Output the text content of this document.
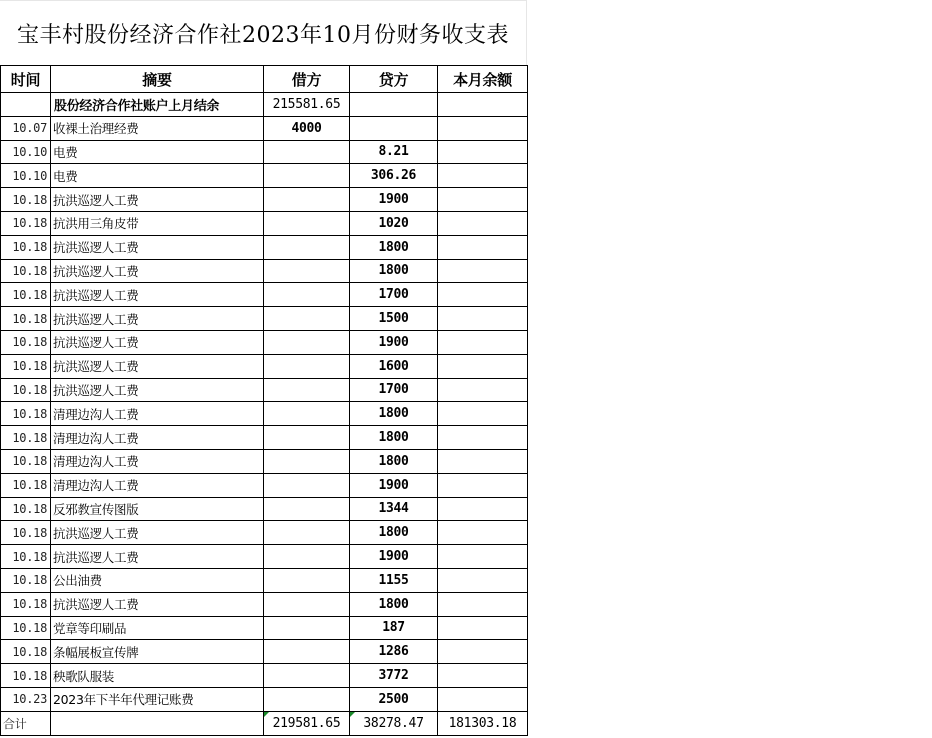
宝丰村股份经济合作社2023年10月份财务收支表
时间	摘要	借方	贷方	本月余额
	股份经济合作社账户上月结余	215581.65		
10.07	收裸土治理经费	4000		
10.10	电费		8.21	
10.10	电费		306.26	
10.18	抗洪巡逻人工费		1900	
10.18	抗洪用三角皮带		1020	
10.18	抗洪巡逻人工费		1800	
10.18	抗洪巡逻人工费		1800	
10.18	抗洪巡逻人工费		1700	
10.18	抗洪巡逻人工费		1500	
10.18	抗洪巡逻人工费		1900	
10.18	抗洪巡逻人工费		1600	
10.18	抗洪巡逻人工费		1700	
10.18	清理边沟人工费		1800	
10.18	清理边沟人工费		1800	
10.18	清理边沟人工费		1800	
10.18	清理边沟人工费		1900	
10.18	反邪教宣传图版		1344	
10.18	抗洪巡逻人工费		1800	
10.18	抗洪巡逻人工费		1900	
10.18	公出油费		1155	
10.18	抗洪巡逻人工费		1800	
10.18	党章等印刷品		187	
10.18	条幅展板宣传牌		1286	
10.18	秧歌队服装		3772	
10.23	2023年下半年代理记账费		2500	
合计		219581.65	38278.47	181303.18
